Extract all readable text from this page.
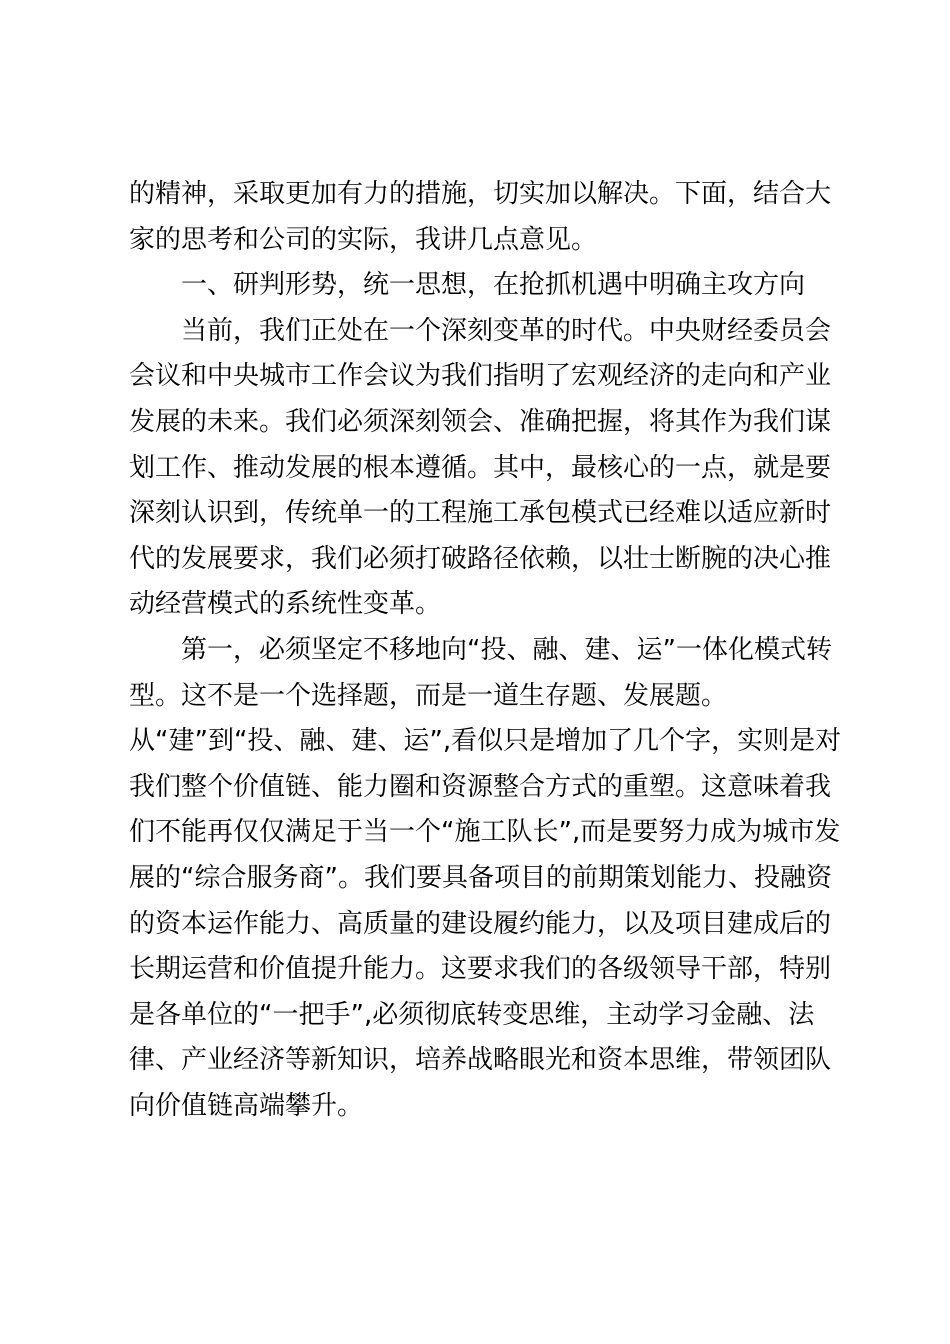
的精神，采取更加有力的措施，切实加以解决。下面，结合大
家的思考和公司的实际，我讲几点意见。
一、研判形势，统一思想，在抢抓机遇中明确主攻方向
当前，我们正处在一个深刻变革的时代。中央财经委员会
会议和中央城市工作会议为我们指明了宏观经济的走向和产业
发展的未来。我们必须深刻领会、准确把握，将其作为我们谋
划工作、推动发展的根本遵循。其中，最核心的一点，就是要
深刻认识到，传统单一的工程施工承包模式已经难以适应新时
代的发展要求，我们必须打破路径依赖，以壮士断腕的决心推
动经营模式的系统性变革。
第一，必须坚定不移地向“投、融、建、运”一体化模式转
型。这不是一个选择题，而是一道生存题、发展题。
从“建”到“投、融、建、运”,看似只是增加了几个字，实则是对
我们整个价值链、能力圈和资源整合方式的重塑。这意味着我
们不能再仅仅满足于当一个“施工队长”,而是要努力成为城市发
展的“综合服务商”。我们要具备项目的前期策划能力、投融资
的资本运作能力、高质量的建设履约能力，以及项目建成后的
长期运营和价值提升能力。这要求我们的各级领导干部，特别
是各单位的“一把手”,必须彻底转变思维，主动学习金融、法
律、产业经济等新知识，培养战略眼光和资本思维，带领团队
向价值链高端攀升。
